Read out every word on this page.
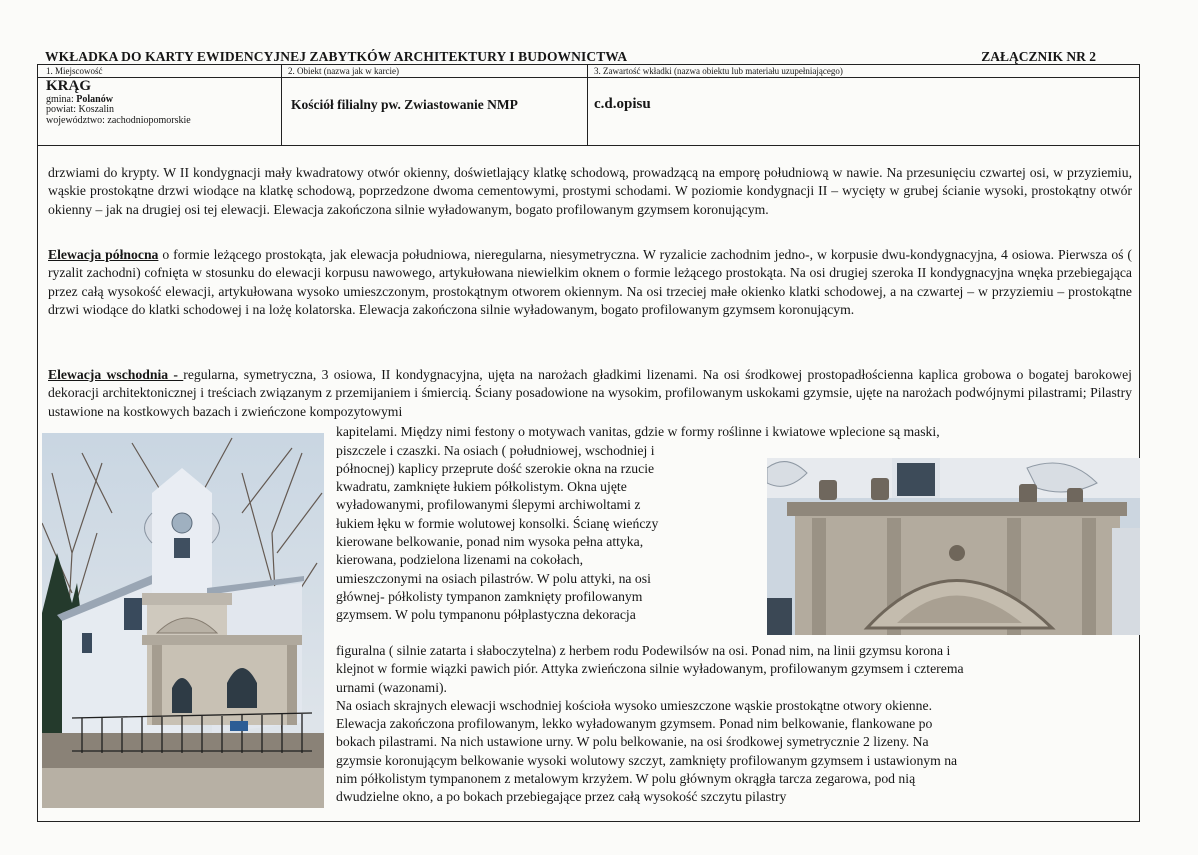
WKŁADKA DO KARTY EWIDENCYJNEJ ZABYTKÓW ARCHITEKTURY I BUDOWNICTWA	ZAŁĄCZNIK NR 2
1. Miejscowość	2. Obiekt (nazwa jak w karcie)	3. Zawartość wkładki (nazwa obiektu lub materiału uzupełniającego)
KRĄG
gmina: Polanów
powiat: Koszalin
województwo: zachodniopomorskie
Kościół filialny pw. Zwiastowanie NMP	c.d.opisu
drzwiami do krypty. W II kondygnacji mały kwadratowy otwór okienny, doświetlający klatkę schodową, prowadzącą na emporę południową w nawie. Na przesunięciu czwartej osi, w przyziemiu, wąskie prostokątne drzwi wiodące na klatkę schodową, poprzedzone dwoma cementowymi, prostymi schodami. W poziomie kondygnacji II – wycięty w grubej ścianie wysoki, prostokątny otwór okienny – jak na drugiej osi tej elewacji. Elewacja zakończona silnie wyładowanym, bogato profilowanym gzymsem koronującym.
Elewacja północna o formie leżącego prostokąta, jak elewacja południowa, nieregularna, niesymetryczna. W ryzalicie zachodnim jedno-, w korpusie dwu-kondygnacyjna, 4 osiowa. Pierwsza oś ( ryzalit zachodni) cofnięta w stosunku do elewacji korpusu nawowego, artykułowana niewielkim oknem o formie leżącego prostokąta. Na osi drugiej szeroka II kondygnacyjna wnęka przebiegająca przez całą wysokość elewacji, artykułowana wysoko umieszczonym, prostokątnym otworem okiennym. Na osi trzeciej małe okienko klatki schodowej, a na czwartej – w przyziemiu – prostokątne drzwi wiodące do klatki schodowej i na lożę kolatorska. Elewacja zakończona silnie wyładowanym, bogato profilowanym gzymsem koronującym.
Elewacja wschodnia - regularna, symetryczna, 3 osiowa, II kondygnacyjna, ujęta na narożach gładkimi lizenami. Na osi środkowej prostopadłościenna kaplica grobowa o bogatej barokowej dekoracji architektonicznej i treściach związanym z przemijaniem i śmiercią. Ściany posadowione na wysokim, profilowanym uskokami gzymsie, ujęte na narożach podwójnymi pilastrami; Pilastry ustawione na kostkowych bazach i zwieńczone kompozytowymi
kapitelami. Między nimi festony o motywach vanitas, gdzie w formy roślinne i kwiatowe wplecione są maski,
piszczele i czaszki. Na osiach ( południowej, wschodniej i
północnej) kaplicy przeprute dość szerokie okna na rzucie
kwadratu, zamknięte łukiem półkolistym. Okna ujęte
wyładowanymi, profilowanymi ślepymi archiwoltami z
łukiem łęku w formie wolutowej konsolki. Ścianę wieńczy
kierowane belkowanie, ponad nim wysoka pełna attyka,
kierowana, podzielona lizenami na cokołach,
umieszczonymi na osiach pilastrów. W polu attyki, na osi
głównej- półkolisty tympanon zamknięty profilowanym
gzymsem. W polu tympanonu półplastyczna dekoracja
figuralna ( silnie zatarta i słaboczytelna) z herbem rodu Podewilsów na osi. Ponad nim, na linii gzymsu korona i
klejnot w formie wiązki pawich piór. Attyka zwieńczona silnie wyładowanym, profilowanym gzymsem i czterema
urnami (wazonami).
Na osiach skrajnych elewacji wschodniej kościoła wysoko umieszczone wąskie prostokątne otwory okienne.
Elewacja zakończona profilowanym, lekko wyładowanym gzymsem. Ponad nim belkowanie, flankowane po
bokach pilastrami. Na nich ustawione urny. W polu belkowanie, na osi środkowej symetrycznie 2 lizeny. Na
gzymsie koronującym belkowanie wysoki wolutowy szczyt, zamknięty profilowanym gzymsem i ustawionym na
nim półkolistym tympanonem z metalowym krzyżem. W polu głównym okrągła tarcza zegarowa, pod nią
dwudzielne okno, a po bokach przebiegające przez całą wysokość szczytu pilastry
